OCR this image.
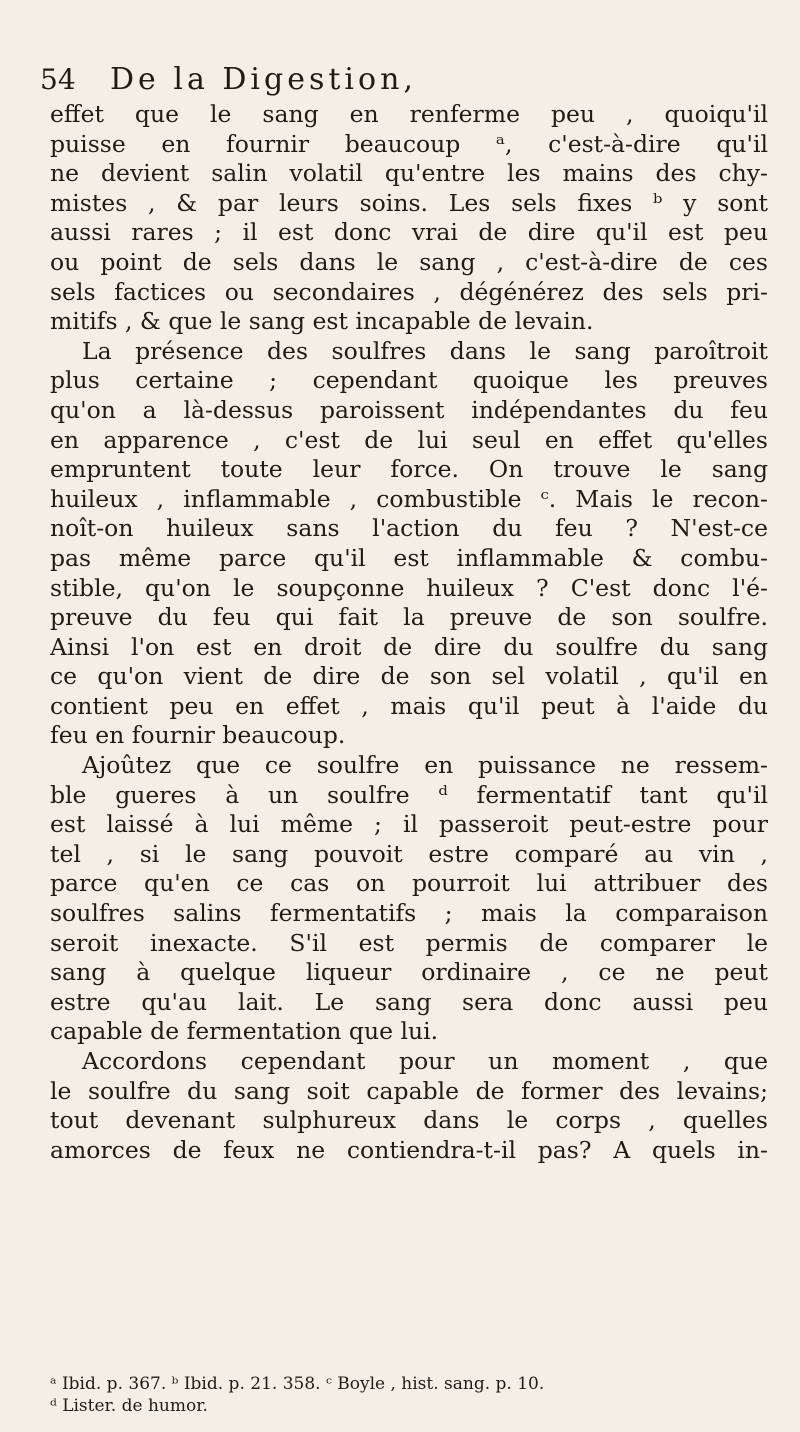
54	De la Digestion,
effet que le sang en renferme peu , quoiqu'il
puisse en fournir beaucoup ᵃ, c'est-à-dire qu'il
ne devient salin volatil qu'entre les mains des chy-
mistes , & par leurs soins. Les sels fixes ᵇ y sont
aussi rares ; il est donc vrai de dire qu'il est peu
ou point de sels dans le sang , c'est-à-dire de ces
sels factices ou secondaires , dégénérez des sels pri-
mitifs , & que le sang est incapable de levain.
La présence des soulfres dans le sang paroîtroit
plus certaine ; cependant quoique les preuves
qu'on a là-dessus paroissent indépendantes du feu
en apparence , c'est de lui seul en effet qu'elles
empruntent toute leur force. On trouve le sang
huileux , inflammable , combustible ᶜ. Mais le recon-
noît-on huileux sans l'action du feu ? N'est-ce
pas même parce qu'il est inflammable & combu-
stible, qu'on le soupçonne huileux ? C'est donc l'é-
preuve du feu qui fait la preuve de son soulfre.
Ainsi l'on est en droit de dire du soulfre du sang
ce qu'on vient de dire de son sel volatil , qu'il en
contient peu en effet , mais qu'il peut à l'aide du
feu en fournir beaucoup.
Ajoûtez que ce soulfre en puissance ne ressem-
ble gueres à un soulfre ᵈ fermentatif tant qu'il
est laissé à lui même ; il passeroit peut-estre pour
tel , si le sang pouvoit estre comparé au vin ,
parce qu'en ce cas on pourroit lui attribuer des
soulfres salins fermentatifs ; mais la comparaison
seroit inexacte. S'il est permis de comparer le
sang à quelque liqueur ordinaire , ce ne peut
estre qu'au lait. Le sang sera donc aussi peu
capable de fermentation que lui.
Accordons cependant pour un moment , que
le soulfre du sang soit capable de former des levains;
tout devenant sulphureux dans le corps , quelles
amorces de feux ne contiendra-t-il pas? A quels in-
ᵃ Ibid. p. 367. ᵇ Ibid. p. 21. 358. ᶜ Boyle , hist. sang. p. 10.
ᵈ Lister. de humor.
